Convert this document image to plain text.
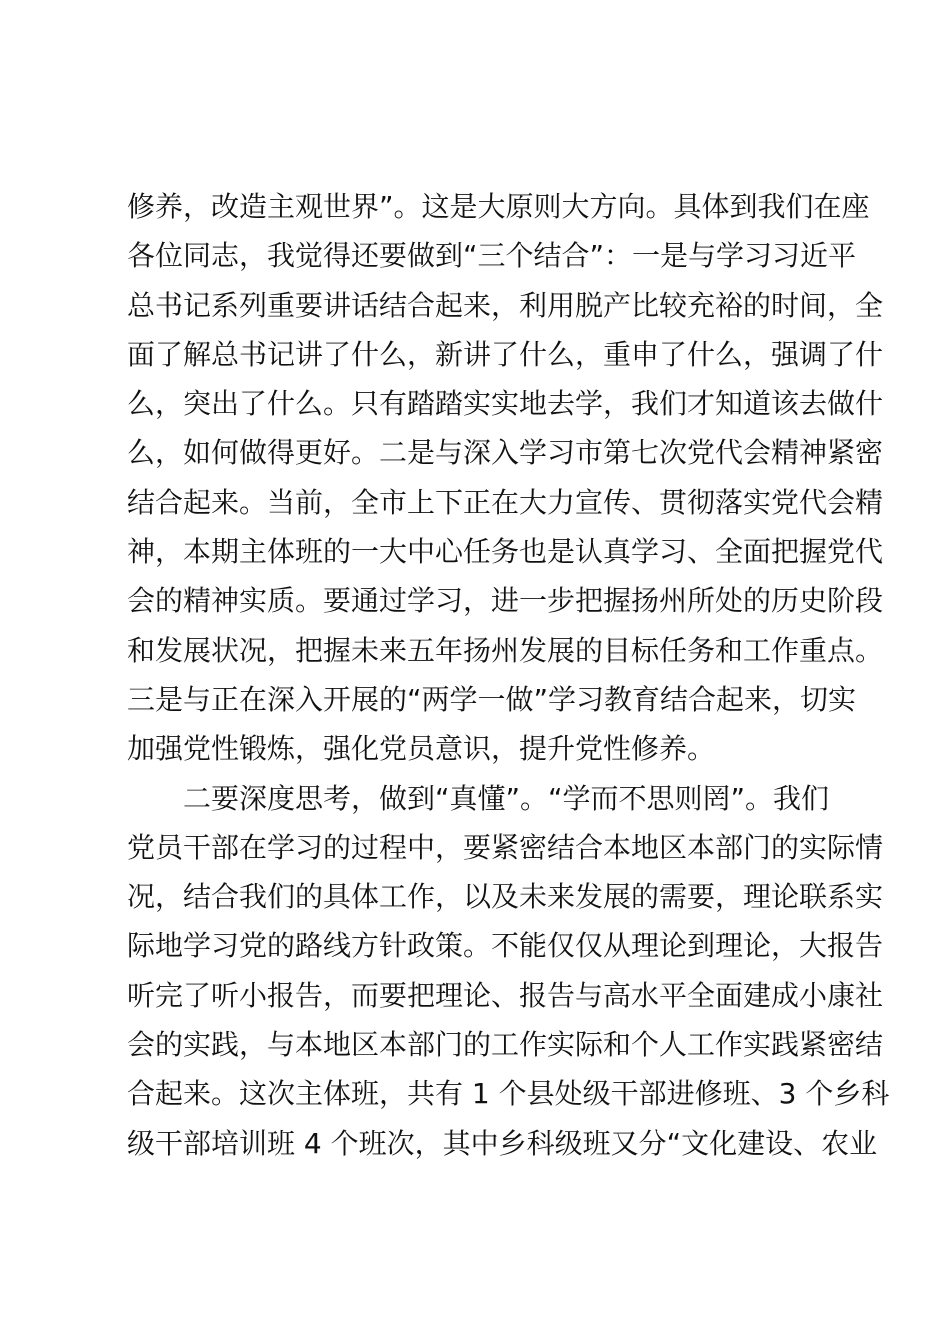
修养，改造主观世界”。这是大原则大方向。具体到我们在座
各位同志，我觉得还要做到“三个结合”：一是与学习习近平
总书记系列重要讲话结合起来，利用脱产比较充裕的时间，全
面了解总书记讲了什么，新讲了什么，重申了什么，强调了什
么，突出了什么。只有踏踏实实地去学，我们才知道该去做什
么，如何做得更好。二是与深入学习市第七次党代会精神紧密
结合起来。当前，全市上下正在大力宣传、贯彻落实党代会精
神，本期主体班的一大中心任务也是认真学习、全面把握党代
会的精神实质。要通过学习，进一步把握扬州所处的历史阶段
和发展状况，把握未来五年扬州发展的目标任务和工作重点。
三是与正在深入开展的“两学一做”学习教育结合起来，切实
加强党性锻炼，强化党员意识，提升党性修养。
　　二要深度思考，做到“真懂”。“学而不思则罔”。我们
党员干部在学习的过程中，要紧密结合本地区本部门的实际情
况，结合我们的具体工作，以及未来发展的需要，理论联系实
际地学习党的路线方针政策。不能仅仅从理论到理论，大报告
听完了听小报告，而要把理论、报告与高水平全面建成小康社
会的实践，与本地区本部门的工作实际和个人工作实践紧密结
合起来。这次主体班，共有 1 个县处级干部进修班、3 个乡科
级干部培训班 4 个班次，其中乡科级班又分“文化建设、农业
